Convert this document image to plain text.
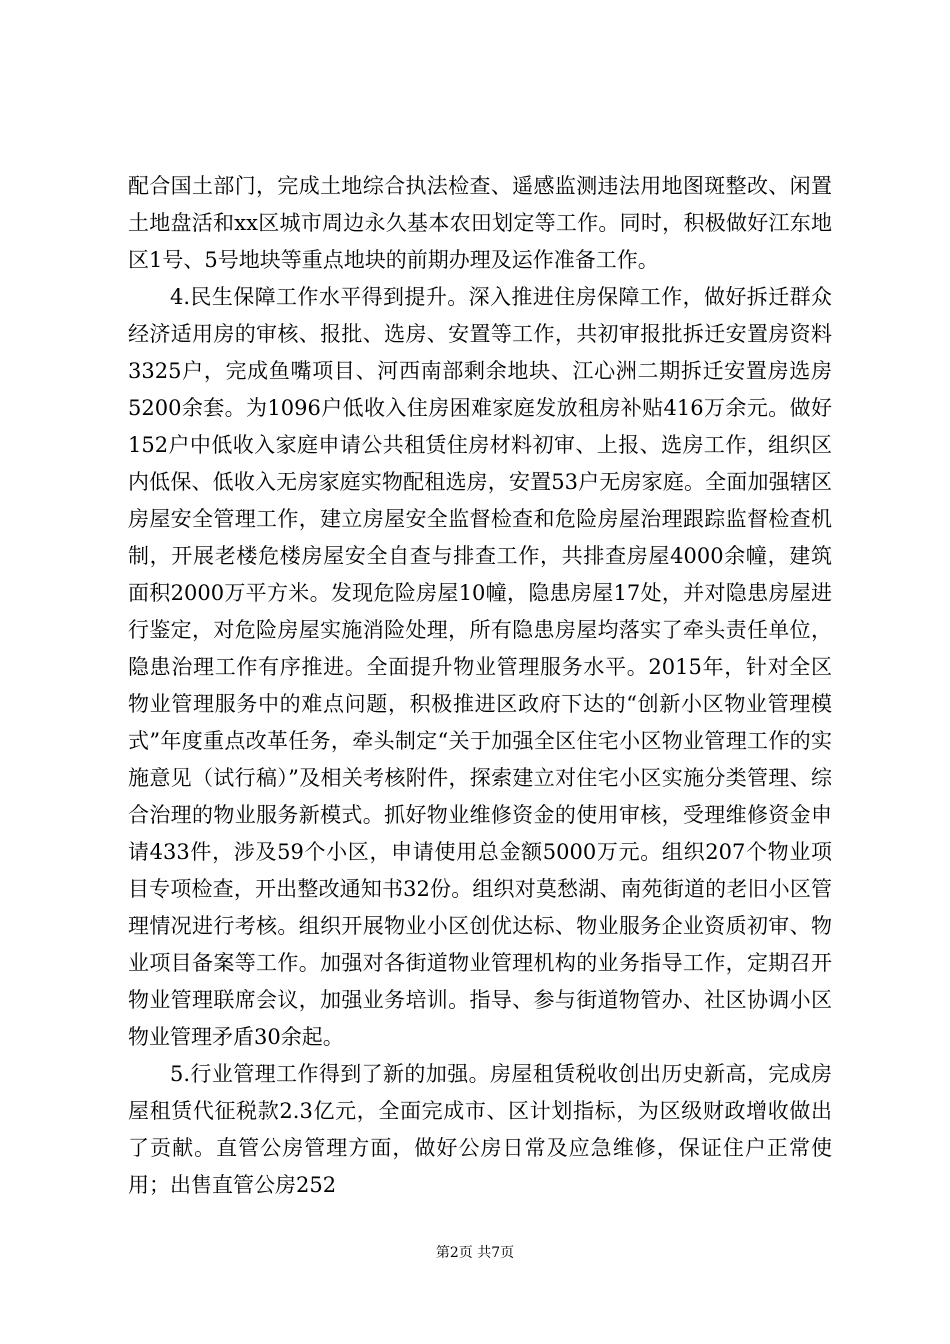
配合国土部门，完成土地综合执法检查、遥感监测违法用地图斑整改、闲置土地盘活和xx区城市周边永久基本农田划定等工作。同时，积极做好江东地区1号、5号地块等重点地块的前期办理及运作准备工作。

4.民生保障工作水平得到提升。深入推进住房保障工作，做好拆迁群众经济适用房的审核、报批、选房、安置等工作，共初审报批拆迁安置房资料3325户，完成鱼嘴项目、河西南部剩余地块、江心洲二期拆迁安置房选房5200余套。为1096户低收入住房困难家庭发放租房补贴416万余元。做好152户中低收入家庭申请公共租赁住房材料初审、上报、选房工作，组织区内低保、低收入无房家庭实物配租选房，安置53户无房家庭。全面加强辖区房屋安全管理工作，建立房屋安全监督检查和危险房屋治理跟踪监督检查机制，开展老楼危楼房屋安全自查与排查工作，共排查房屋4000余幢，建筑面积2000万平方米。发现危险房屋10幢，隐患房屋17处，并对隐患房屋进行鉴定，对危险房屋实施消险处理，所有隐患房屋均落实了牵头责任单位，隐患治理工作有序推进。全面提升物业管理服务水平。2015年，针对全区物业管理服务中的难点问题，积极推进区政府下达的“创新小区物业管理模式”年度重点改革任务，牵头制定“关于加强全区住宅小区物业管理工作的实施意见（试行稿）”及相关考核附件，探索建立对住宅小区实施分类管理、综合治理的物业服务新模式。抓好物业维修资金的使用审核，受理维修资金申请433件，涉及59个小区，申请使用总金额5000万元。组织207个物业项目专项检查，开出整改通知书32份。组织对莫愁湖、南苑街道的老旧小区管理情况进行考核。组织开展物业小区创优达标、物业服务企业资质初审、物业项目备案等工作。加强对各街道物业管理机构的业务指导工作，定期召开物业管理联席会议，加强业务培训。指导、参与街道物管办、社区协调小区物业管理矛盾30余起。

5.行业管理工作得到了新的加强。房屋租赁税收创出历史新高，完成房屋租赁代征税款2.3亿元，全面完成市、区计划指标，为区级财政增收做出了贡献。直管公房管理方面，做好公房日常及应急维修，保证住户正常使用；出售直管公房252

第2页 共7页
